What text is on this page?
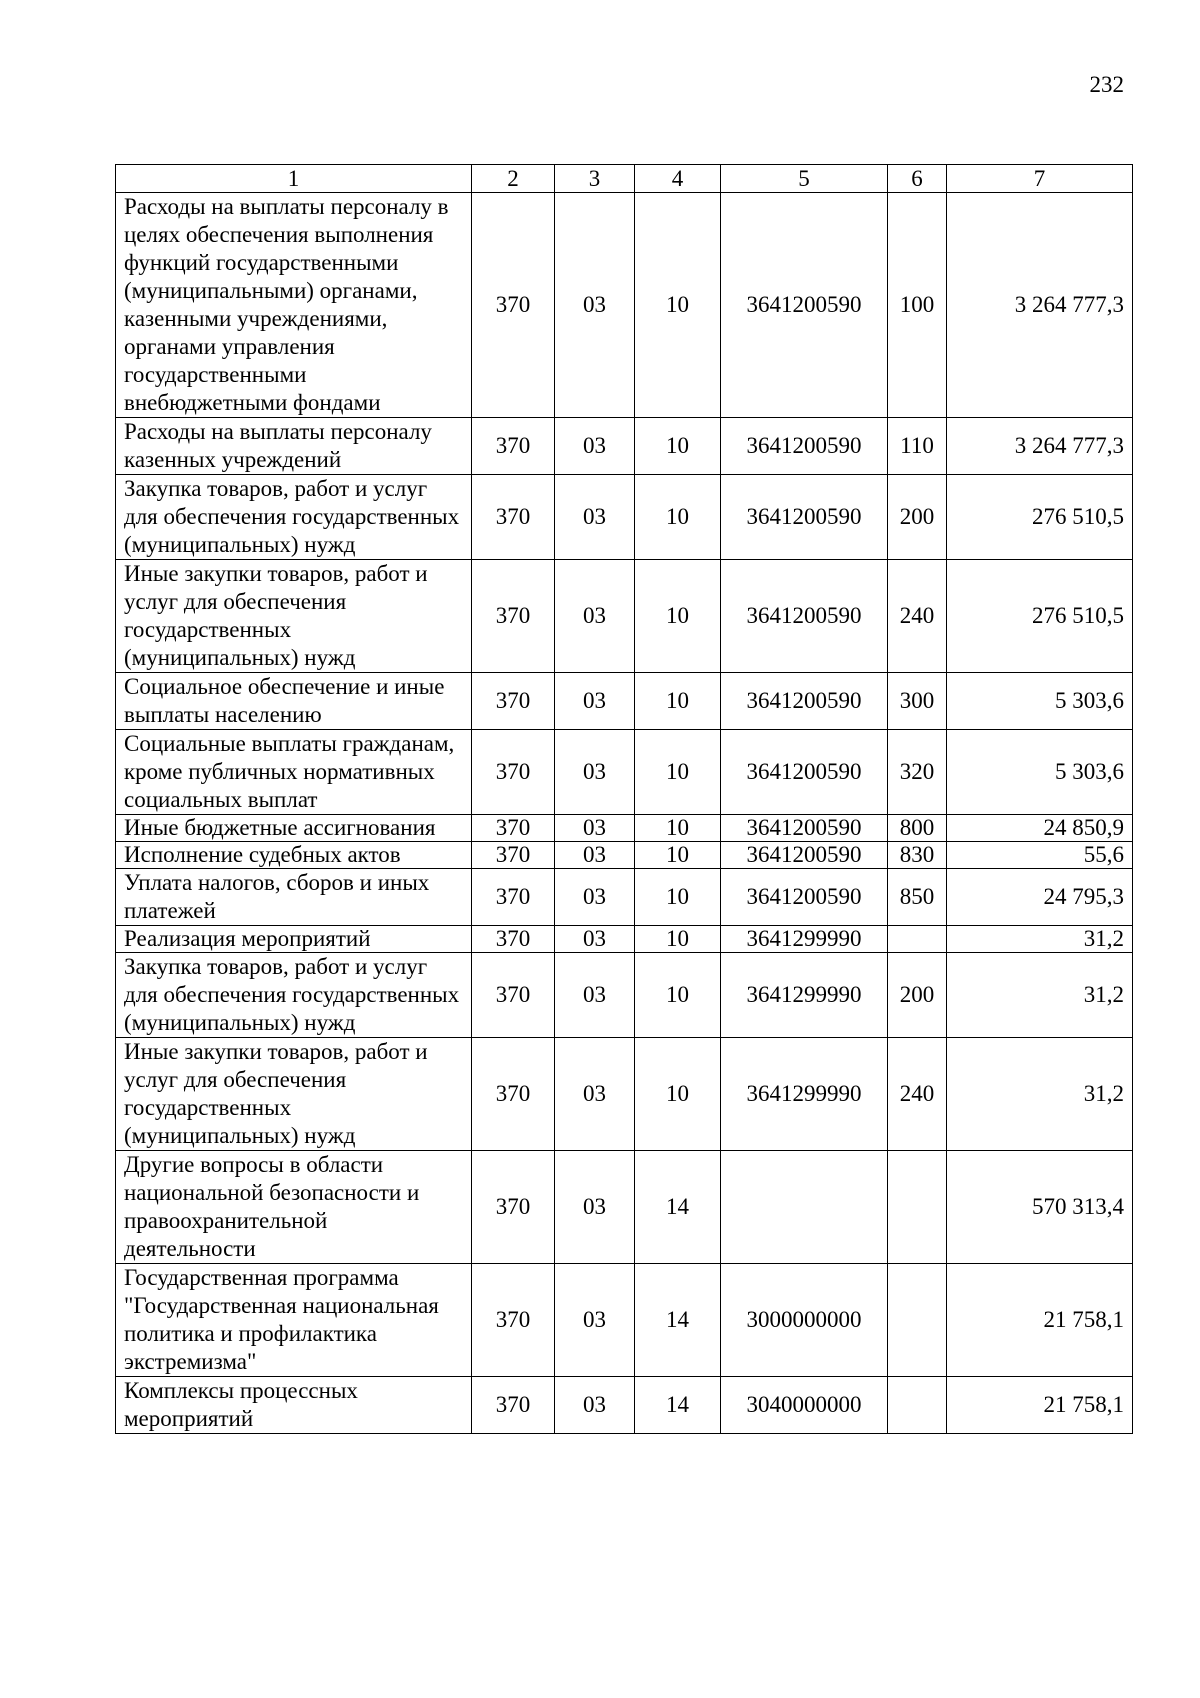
232
1	2	3	4	5	6	7
Расходы на выплаты персоналу в целях обеспечения выполнения функций государственными (муниципальными) органами, казенными учреждениями, органами управления государственными внебюджетными фондами	370	03	10	3641200590	100	3 264 777,3
Расходы на выплаты персоналу казенных учреждений	370	03	10	3641200590	110	3 264 777,3
Закупка товаров, работ и услуг для обеспечения государственных (муниципальных) нужд	370	03	10	3641200590	200	276 510,5
Иные закупки товаров, работ и услуг для обеспечения государственных (муниципальных) нужд	370	03	10	3641200590	240	276 510,5
Социальное обеспечение и иные выплаты населению	370	03	10	3641200590	300	5 303,6
Социальные выплаты гражданам, кроме публичных нормативных социальных выплат	370	03	10	3641200590	320	5 303,6
Иные бюджетные ассигнования	370	03	10	3641200590	800	24 850,9
Исполнение судебных актов	370	03	10	3641200590	830	55,6
Уплата налогов, сборов и иных платежей	370	03	10	3641200590	850	24 795,3
Реализация мероприятий	370	03	10	3641299990		31,2
Закупка товаров, работ и услуг для обеспечения государственных (муниципальных) нужд	370	03	10	3641299990	200	31,2
Иные закупки товаров, работ и услуг для обеспечения государственных (муниципальных) нужд	370	03	10	3641299990	240	31,2
Другие вопросы в области национальной безопасности и правоохранительной деятельности	370	03	14			570 313,4
Государственная программа "Государственная национальная политика и профилактика экстремизма"	370	03	14	3000000000		21 758,1
Комплексы процессных мероприятий	370	03	14	3040000000		21 758,1
